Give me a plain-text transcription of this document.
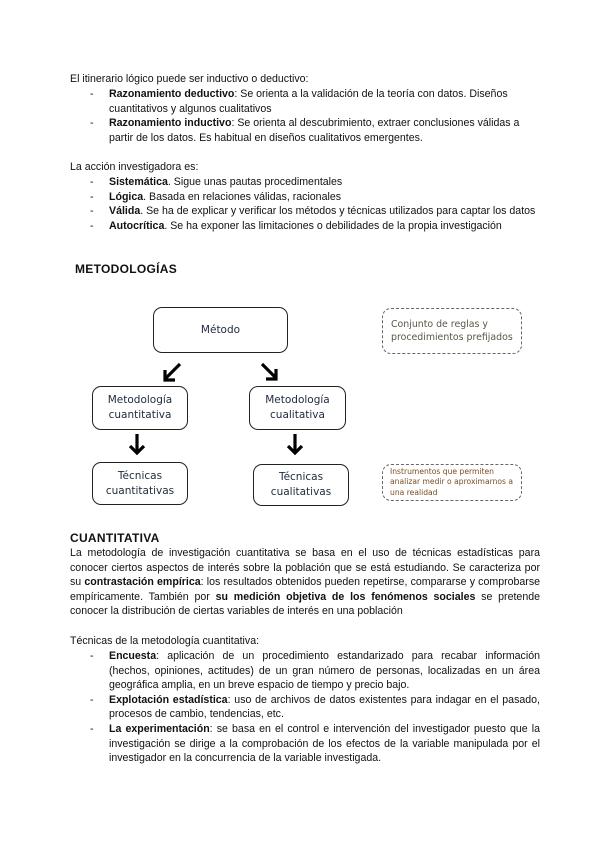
El itinerario lógico puede ser inductivo o deductivo:

- Razonamiento deductivo: Se orienta a la validación de la teoría con datos. Diseños cuantitativos y algunos cualitativos
- Razonamiento inductivo: Se orienta al descubrimiento, extraer conclusiones válidas a partir de los datos. Es habitual en diseños cualitativos emergentes.

La acción investigadora es:

- Sistemática. Sigue unas pautas procedimentales
- Lógica. Basada en relaciones válidas, racionales
- Válida. Se ha de explicar y verificar los métodos y técnicas utilizados para captar los datos
- Autocrítica. Se ha exponer las limitaciones o debilidades de la propia investigación

METODOLOGÍAS

Método	Conjunto de reglas y procedimientos prefijados
Metodología
cuantitativa
Metodología
cualitativa
Técnicas
cuantitativas
Técnicas
cualitativas
Instrumentos que permiten analizar medir o aproximarnos a una realidad

CUANTITATIVA

La metodología de investigación cuantitativa se basa en el uso de técnicas estadísticas para conocer ciertos aspectos de interés sobre la población que se está estudiando. Se caracteriza por su contrastación empírica: los resultados obtenidos pueden repetirse, compararse y comprobarse empíricamente. También por su medición objetiva de los fenómenos sociales se pretende conocer la distribución de ciertas variables de interés en una población

Técnicas de la metodología cuantitativa:

- Encuesta: aplicación de un procedimiento estandarizado para recabar información (hechos, opiniones, actitudes) de un gran número de personas, localizadas en un área geográfica amplia, en un breve espacio de tiempo y precio bajo.
- Explotación estadística: uso de archivos de datos existentes para indagar en el pasado, procesos de cambio, tendencias, etc.
- La experimentación: se basa en el control e intervención del investigador puesto que la investigación se dirige a la comprobación de los efectos de la variable manipulada por el investigador en la concurrencia de la variable investigada.
